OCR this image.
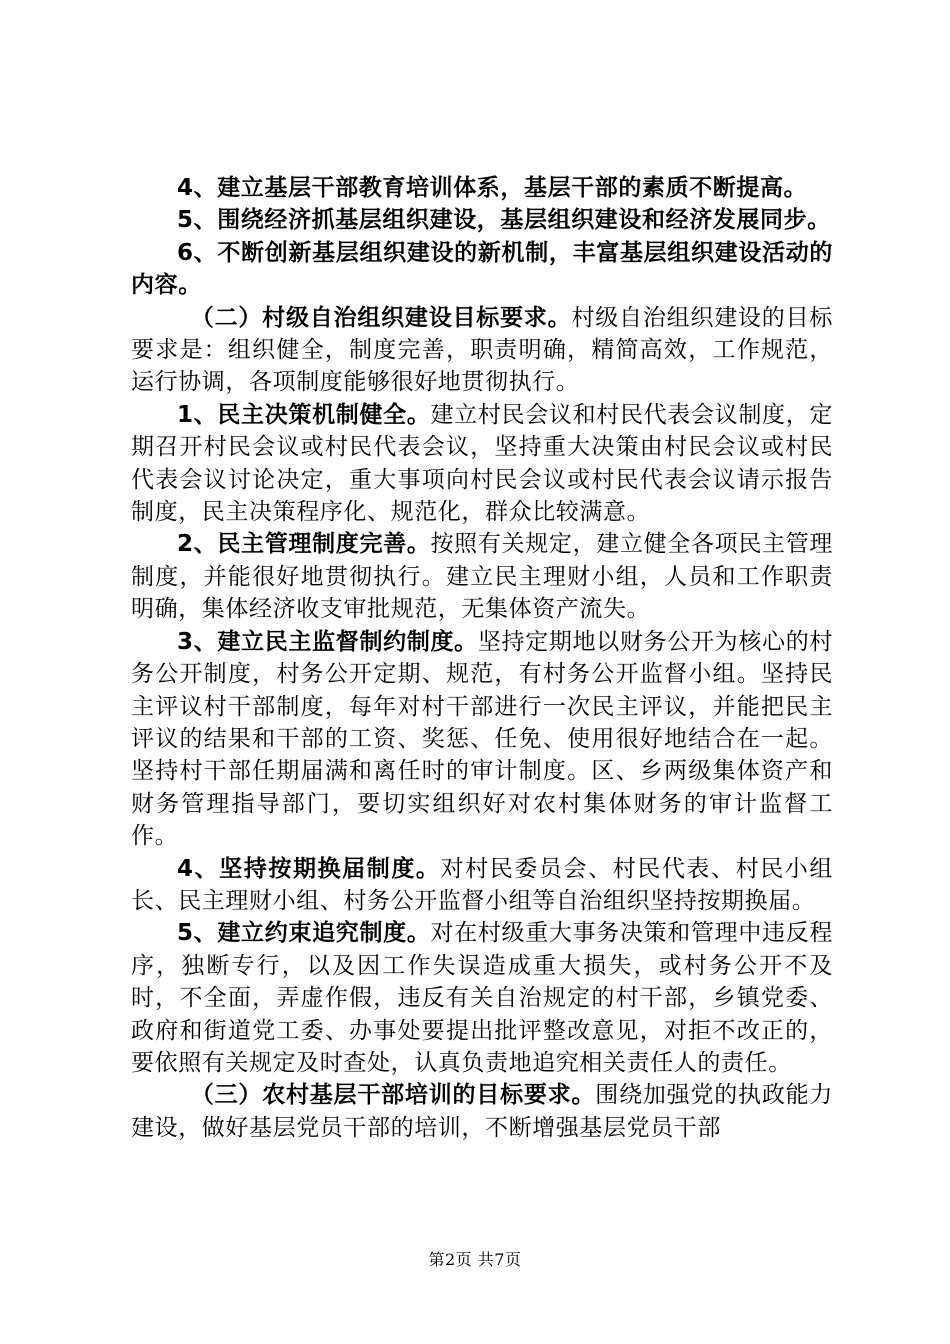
4、建立基层干部教育培训体系，基层干部的素质不断提高。

5、围绕经济抓基层组织建设，基层组织建设和经济发展同步。

6、不断创新基层组织建设的新机制，丰富基层组织建设活动的内容。

（二）村级自治组织建设目标要求。村级自治组织建设的目标要求是：组织健全，制度完善，职责明确，精简高效，工作规范，运行协调，各项制度能够很好地贯彻执行。

1、民主决策机制健全。建立村民会议和村民代表会议制度，定期召开村民会议或村民代表会议，坚持重大决策由村民会议或村民代表会议讨论决定，重大事项向村民会议或村民代表会议请示报告制度，民主决策程序化、规范化，群众比较满意。

2、民主管理制度完善。按照有关规定，建立健全各项民主管理制度，并能很好地贯彻执行。建立民主理财小组，人员和工作职责明确，集体经济收支审批规范，无集体资产流失。

3、建立民主监督制约制度。坚持定期地以财务公开为核心的村务公开制度，村务公开定期、规范，有村务公开监督小组。坚持民主评议村干部制度，每年对村干部进行一次民主评议，并能把民主评议的结果和干部的工资、奖惩、任免、使用很好地结合在一起。坚持村干部任期届满和离任时的审计制度。区、乡两级集体资产和财务管理指导部门，要切实组织好对农村集体财务的审计监督工作。

4、坚持按期换届制度。对村民委员会、村民代表、村民小组长、民主理财小组、村务公开监督小组等自治组织坚持按期换届。

5、建立约束追究制度。对在村级重大事务决策和管理中违反程序，独断专行，以及因工作失误造成重大损失，或村务公开不及时，不全面，弄虚作假，违反有关自治规定的村干部，乡镇党委、政府和街道党工委、办事处要提出批评整改意见，对拒不改正的，要依照有关规定及时查处，认真负责地追究相关责任人的责任。

（三）农村基层干部培训的目标要求。围绕加强党的执政能力建设，做好基层党员干部的培训，不断增强基层党员干部

第2页 共7页
